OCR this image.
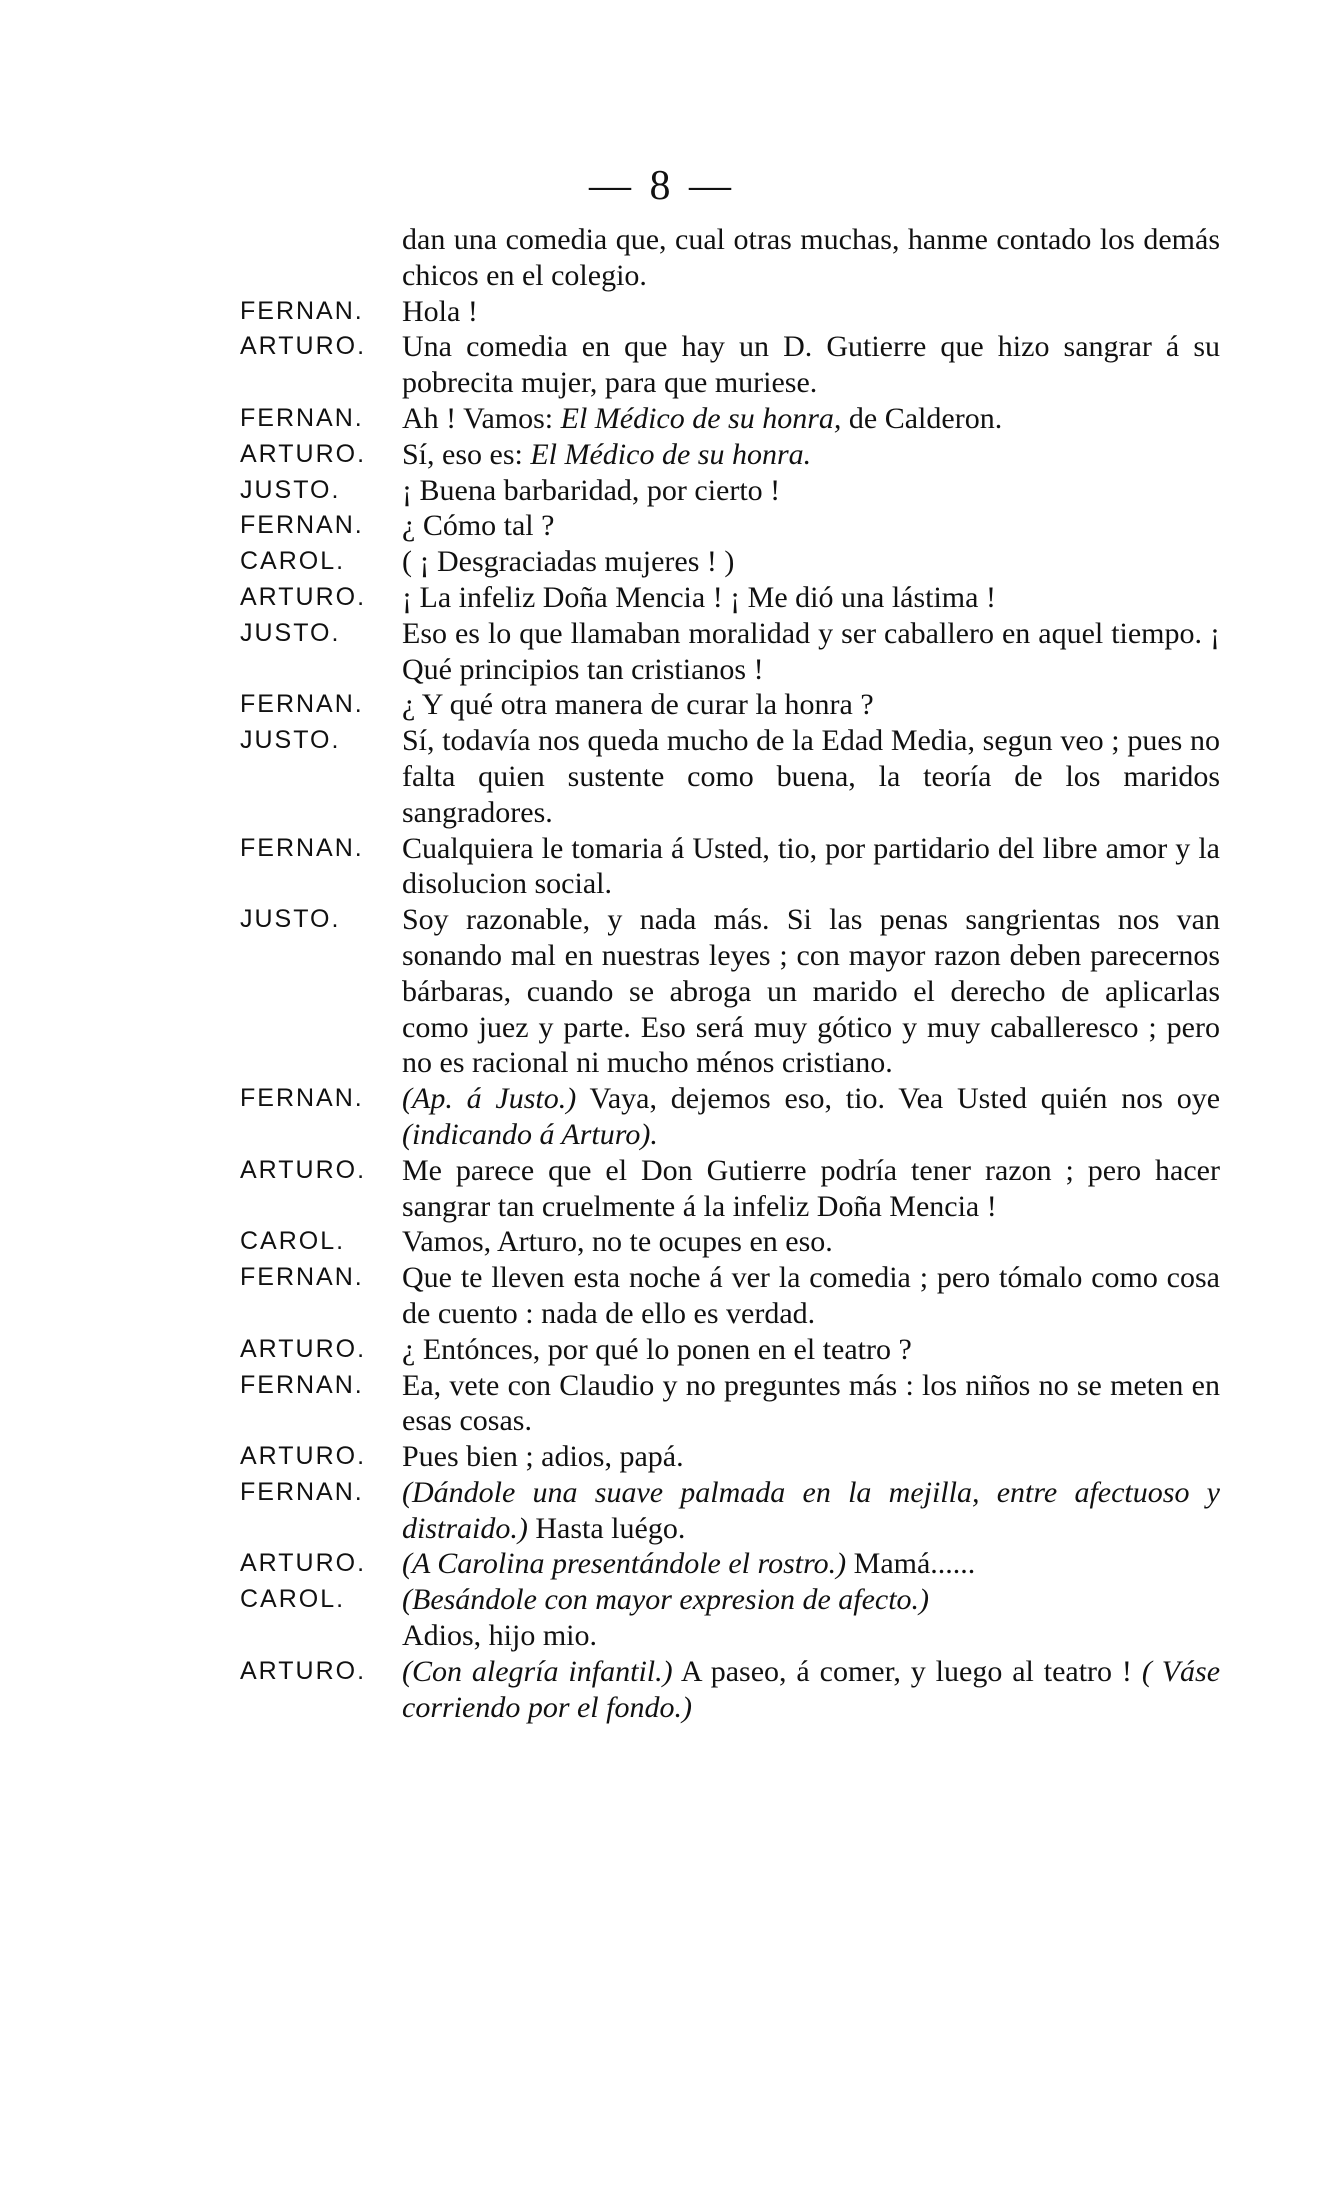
— 8 —
dan una comedia que, cual otras muchas, hanme contado los demás chicos en el colegio.
FERNAN.	Hola !
ARTURO.	Una comedia en que hay un D. Gutierre que hizo sangrar á su pobrecita mujer, para que muriese.
FERNAN.	Ah ! Vamos: El Médico de su honra, de Calderon.
ARTURO.	Sí, eso es: El Médico de su honra.
JUSTO.	¡ Buena barbaridad, por cierto !
FERNAN.	¿ Cómo tal ?
CAROL.	( ¡ Desgraciadas mujeres ! )
ARTURO.	¡ La infeliz Doña Mencia ! ¡ Me dió una lástima !
JUSTO.	Eso es lo que llamaban moralidad y ser caballero en aquel tiempo. ¡ Qué principios tan cristianos !
FERNAN.	¿ Y qué otra manera de curar la honra ?
JUSTO.	Sí, todavía nos queda mucho de la Edad Media, segun veo ; pues no falta quien sustente como buena, la teoría de los maridos sangradores.
FERNAN.	Cualquiera le tomaria á Usted, tio, por partidario del libre amor y la disolucion social.
JUSTO.	Soy razonable, y nada más. Si las penas sangrientas nos van sonando mal en nuestras leyes ; con mayor razon deben parecernos bárbaras, cuando se abroga un marido el derecho de aplicarlas como juez y parte. Eso será muy gótico y muy caballeresco ; pero no es racional ni mucho ménos cristiano.
FERNAN.	(Ap. á Justo.) Vaya, dejemos eso, tio. Vea Usted quién nos oye (indicando á Arturo).
ARTURO.	Me parece que el Don Gutierre podría tener razon ; pero hacer sangrar tan cruelmente á la infeliz Doña Mencia !
CAROL.	Vamos, Arturo, no te ocupes en eso.
FERNAN.	Que te lleven esta noche á ver la comedia ; pero tómalo como cosa de cuento : nada de ello es verdad.
ARTURO.	¿ Entónces, por qué lo ponen en el teatro ?
FERNAN.	Ea, vete con Claudio y no preguntes más : los niños no se meten en esas cosas.
ARTURO.	Pues bien ; adios, papá.
FERNAN.	(Dándole una suave palmada en la mejilla, entre afectuoso y distraido.) Hasta luégo.
ARTURO.	(A Carolina presentándole el rostro.) Mamá......
CAROL.	(Besándole con mayor expresion de afecto.)
Adios, hijo mio.
ARTURO.	(Con alegría infantil.) A paseo, á comer, y luego al teatro ! ( Váse corriendo por el fondo.)
